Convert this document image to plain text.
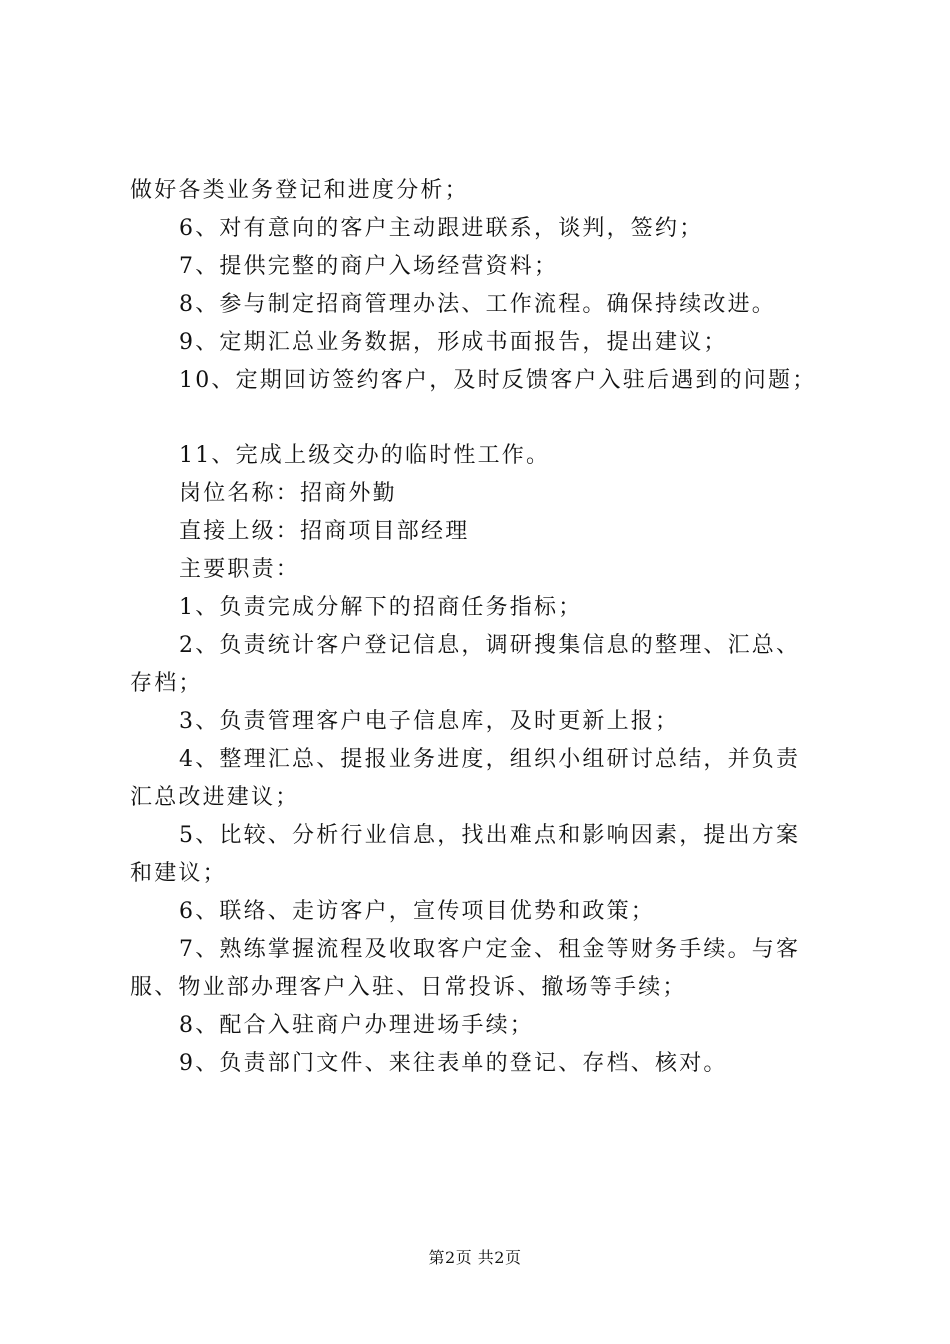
做好各类业务登记和进度分析；
6、对有意向的客户主动跟进联系，谈判，签约；
7、提供完整的商户入场经营资料；
8、参与制定招商管理办法、工作流程。确保持续改进。
9、定期汇总业务数据，形成书面报告，提出建议；
10、定期回访签约客户，及时反馈客户入驻后遇到的问题；
11、完成上级交办的临时性工作。
岗位名称：招商外勤
直接上级：招商项目部经理
主要职责：
1、负责完成分解下的招商任务指标；
2、负责统计客户登记信息，调研搜集信息的整理、汇总、
存档；
3、负责管理客户电子信息库，及时更新上报；
4、整理汇总、提报业务进度，组织小组研讨总结，并负责
汇总改进建议；
5、比较、分析行业信息，找出难点和影响因素，提出方案
和建议；
6、联络、走访客户，宣传项目优势和政策；
7、熟练掌握流程及收取客户定金、租金等财务手续。与客
服、物业部办理客户入驻、日常投诉、撤场等手续；
8、配合入驻商户办理进场手续；
9、负责部门文件、来往表单的登记、存档、核对。
第2页 共2页
